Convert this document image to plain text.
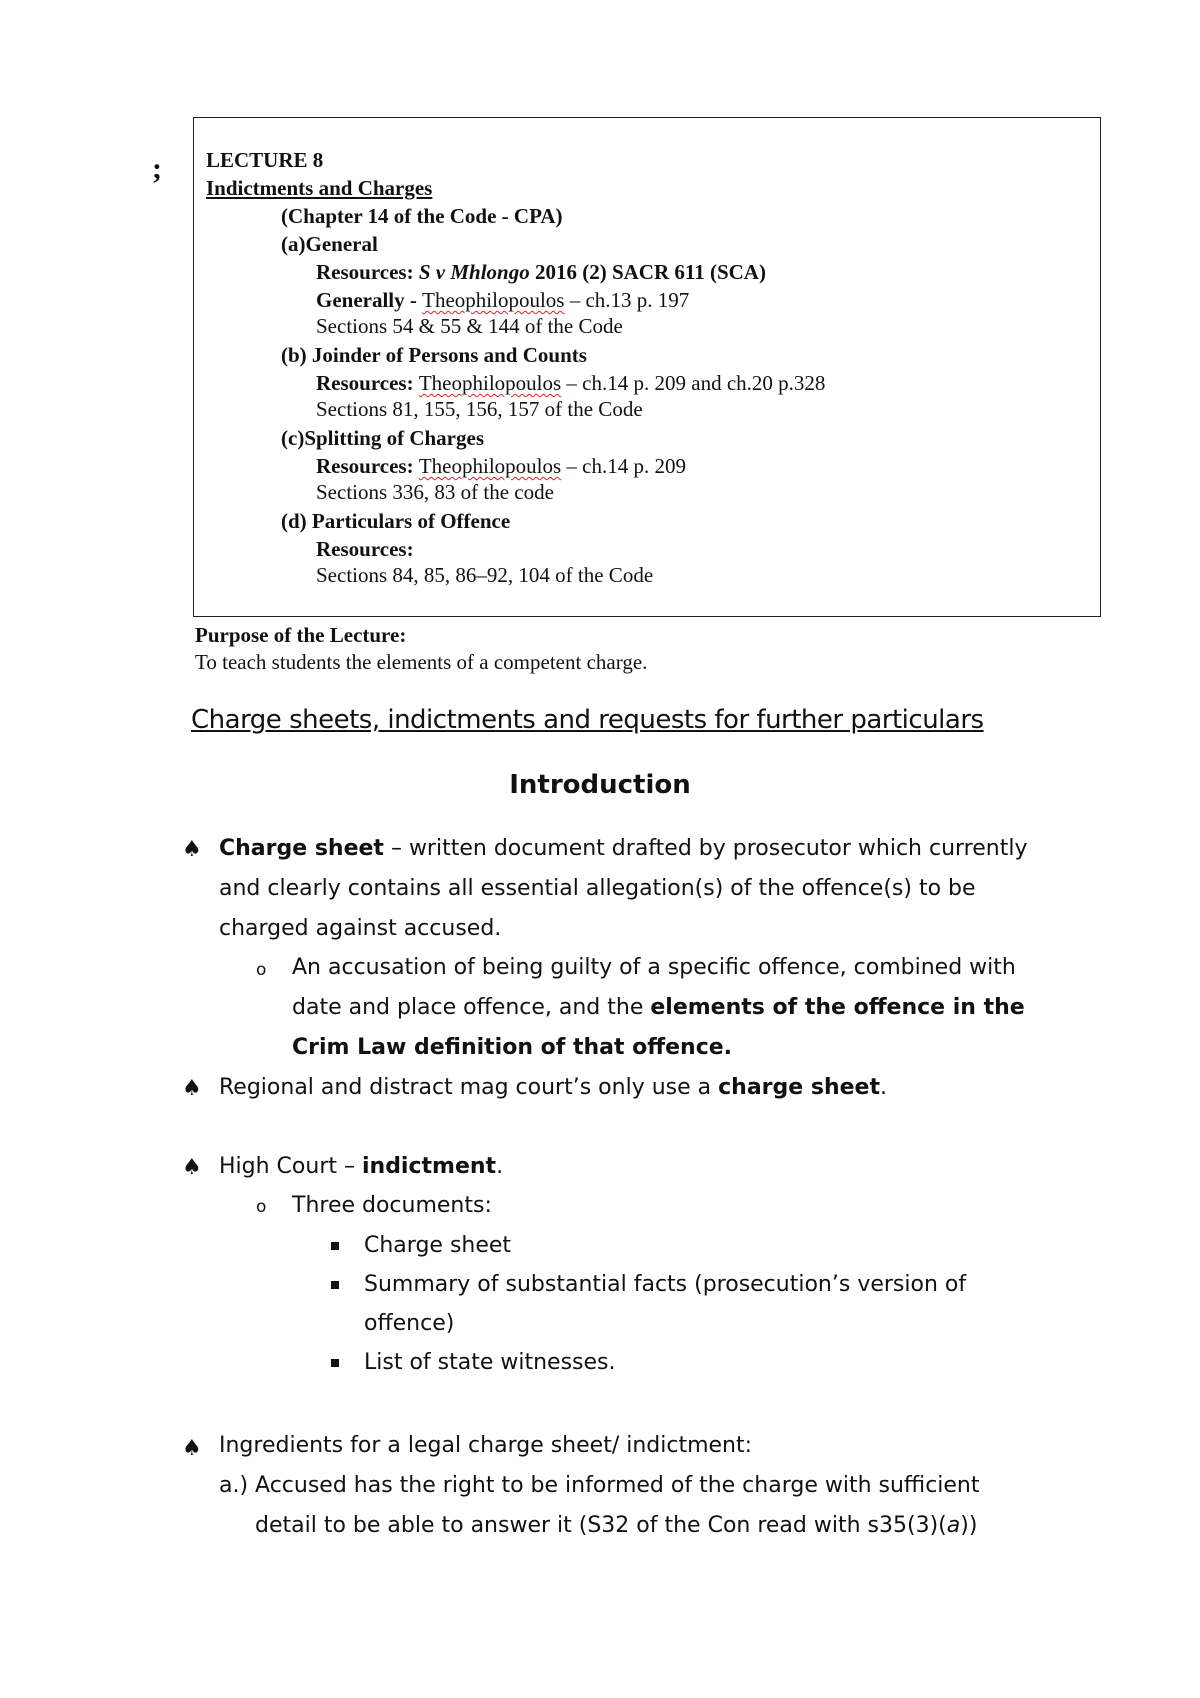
; LECTURE 8
Indictments and Charges
(Chapter 14 of the Code - CPA)
(a)General
Resources: S v Mhlongo 2016 (2) SACR 611 (SCA)
Generally - Theophilopoulos – ch.13 p. 197
Sections 54 & 55 & 144 of the Code
(b) Joinder of Persons and Counts
Resources: Theophilopoulos – ch.14 p. 209 and ch.20 p.328
Sections 81, 155, 156, 157 of the Code
(c)Splitting of Charges
Resources: Theophilopoulos – ch.14 p. 209
Sections 336, 83 of the code
(d) Particulars of Offence
Resources:
Sections 84, 85, 86–92, 104 of the Code
Purpose of the Lecture:
To teach students the elements of a competent charge.
Charge sheets, indictments and requests for further particulars
Introduction
♠ Charge sheet – written document drafted by prosecutor which currently
and clearly contains all essential allegation(s) of the offence(s) to be
charged against accused.
o An accusation of being guilty of a specific offence, combined with
date and place offence, and the elements of the offence in the
Crim Law definition of that offence.
♠ Regional and distract mag court’s only use a charge sheet.
♠ High Court – indictment.
o Three documents:
Charge sheet
Summary of substantial facts (prosecution’s version of
offence)
List of state witnesses.
♠ Ingredients for a legal charge sheet/ indictment:
a.) Accused has the right to be informed of the charge with sufficient
detail to be able to answer it (S32 of the Con read with s35(3)(a))
